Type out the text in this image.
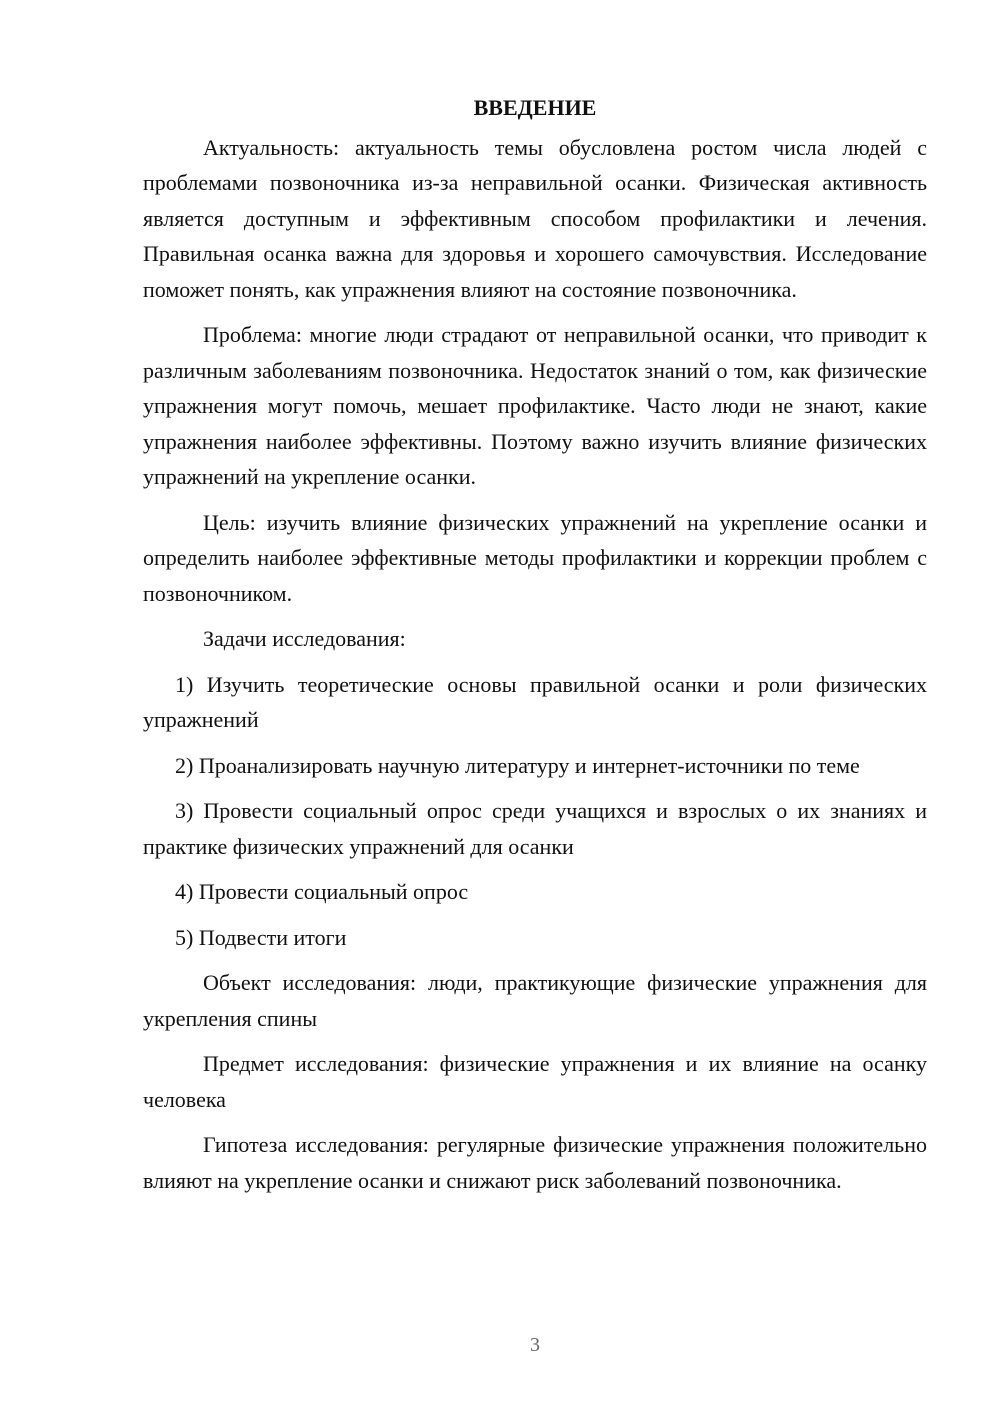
ВВЕДЕНИЕ

Актуальность: актуальность темы обусловлена ростом числа людей с проблемами позвоночника из-за неправильной осанки. Физическая активность является доступным и эффективным способом профилактики и лечения. Правильная осанка важна для здоровья и хорошего самочувствия. Исследование поможет понять, как упражнения влияют на состояние позвоночника.

Проблема: многие люди страдают от неправильной осанки, что приводит к различным заболеваниям позвоночника. Недостаток знаний о том, как физические упражнения могут помочь, мешает профилактике. Часто люди не знают, какие упражнения наиболее эффективны. Поэтому важно изучить влияние физических упражнений на укрепление осанки.

Цель: изучить влияние физических упражнений на укрепление осанки и определить наиболее эффективные методы профилактики и коррекции проблем с позвоночником.

Задачи исследования:

1) Изучить теоретические основы правильной осанки и роли физических упражнений
2) Проанализировать научную литературу и интернет-источники по теме
3) Провести социальный опрос среди учащихся и взрослых о их знаниях и практике физических упражнений для осанки
4) Провести социальный опрос
5) Подвести итоги

Объект исследования: люди, практикующие физические упражнения для укрепления спины

Предмет исследования: физические упражнения и их влияние на осанку человека

Гипотеза исследования: регулярные физические упражнения положительно влияют на укрепление осанки и снижают риск заболеваний позвоночника.

3
